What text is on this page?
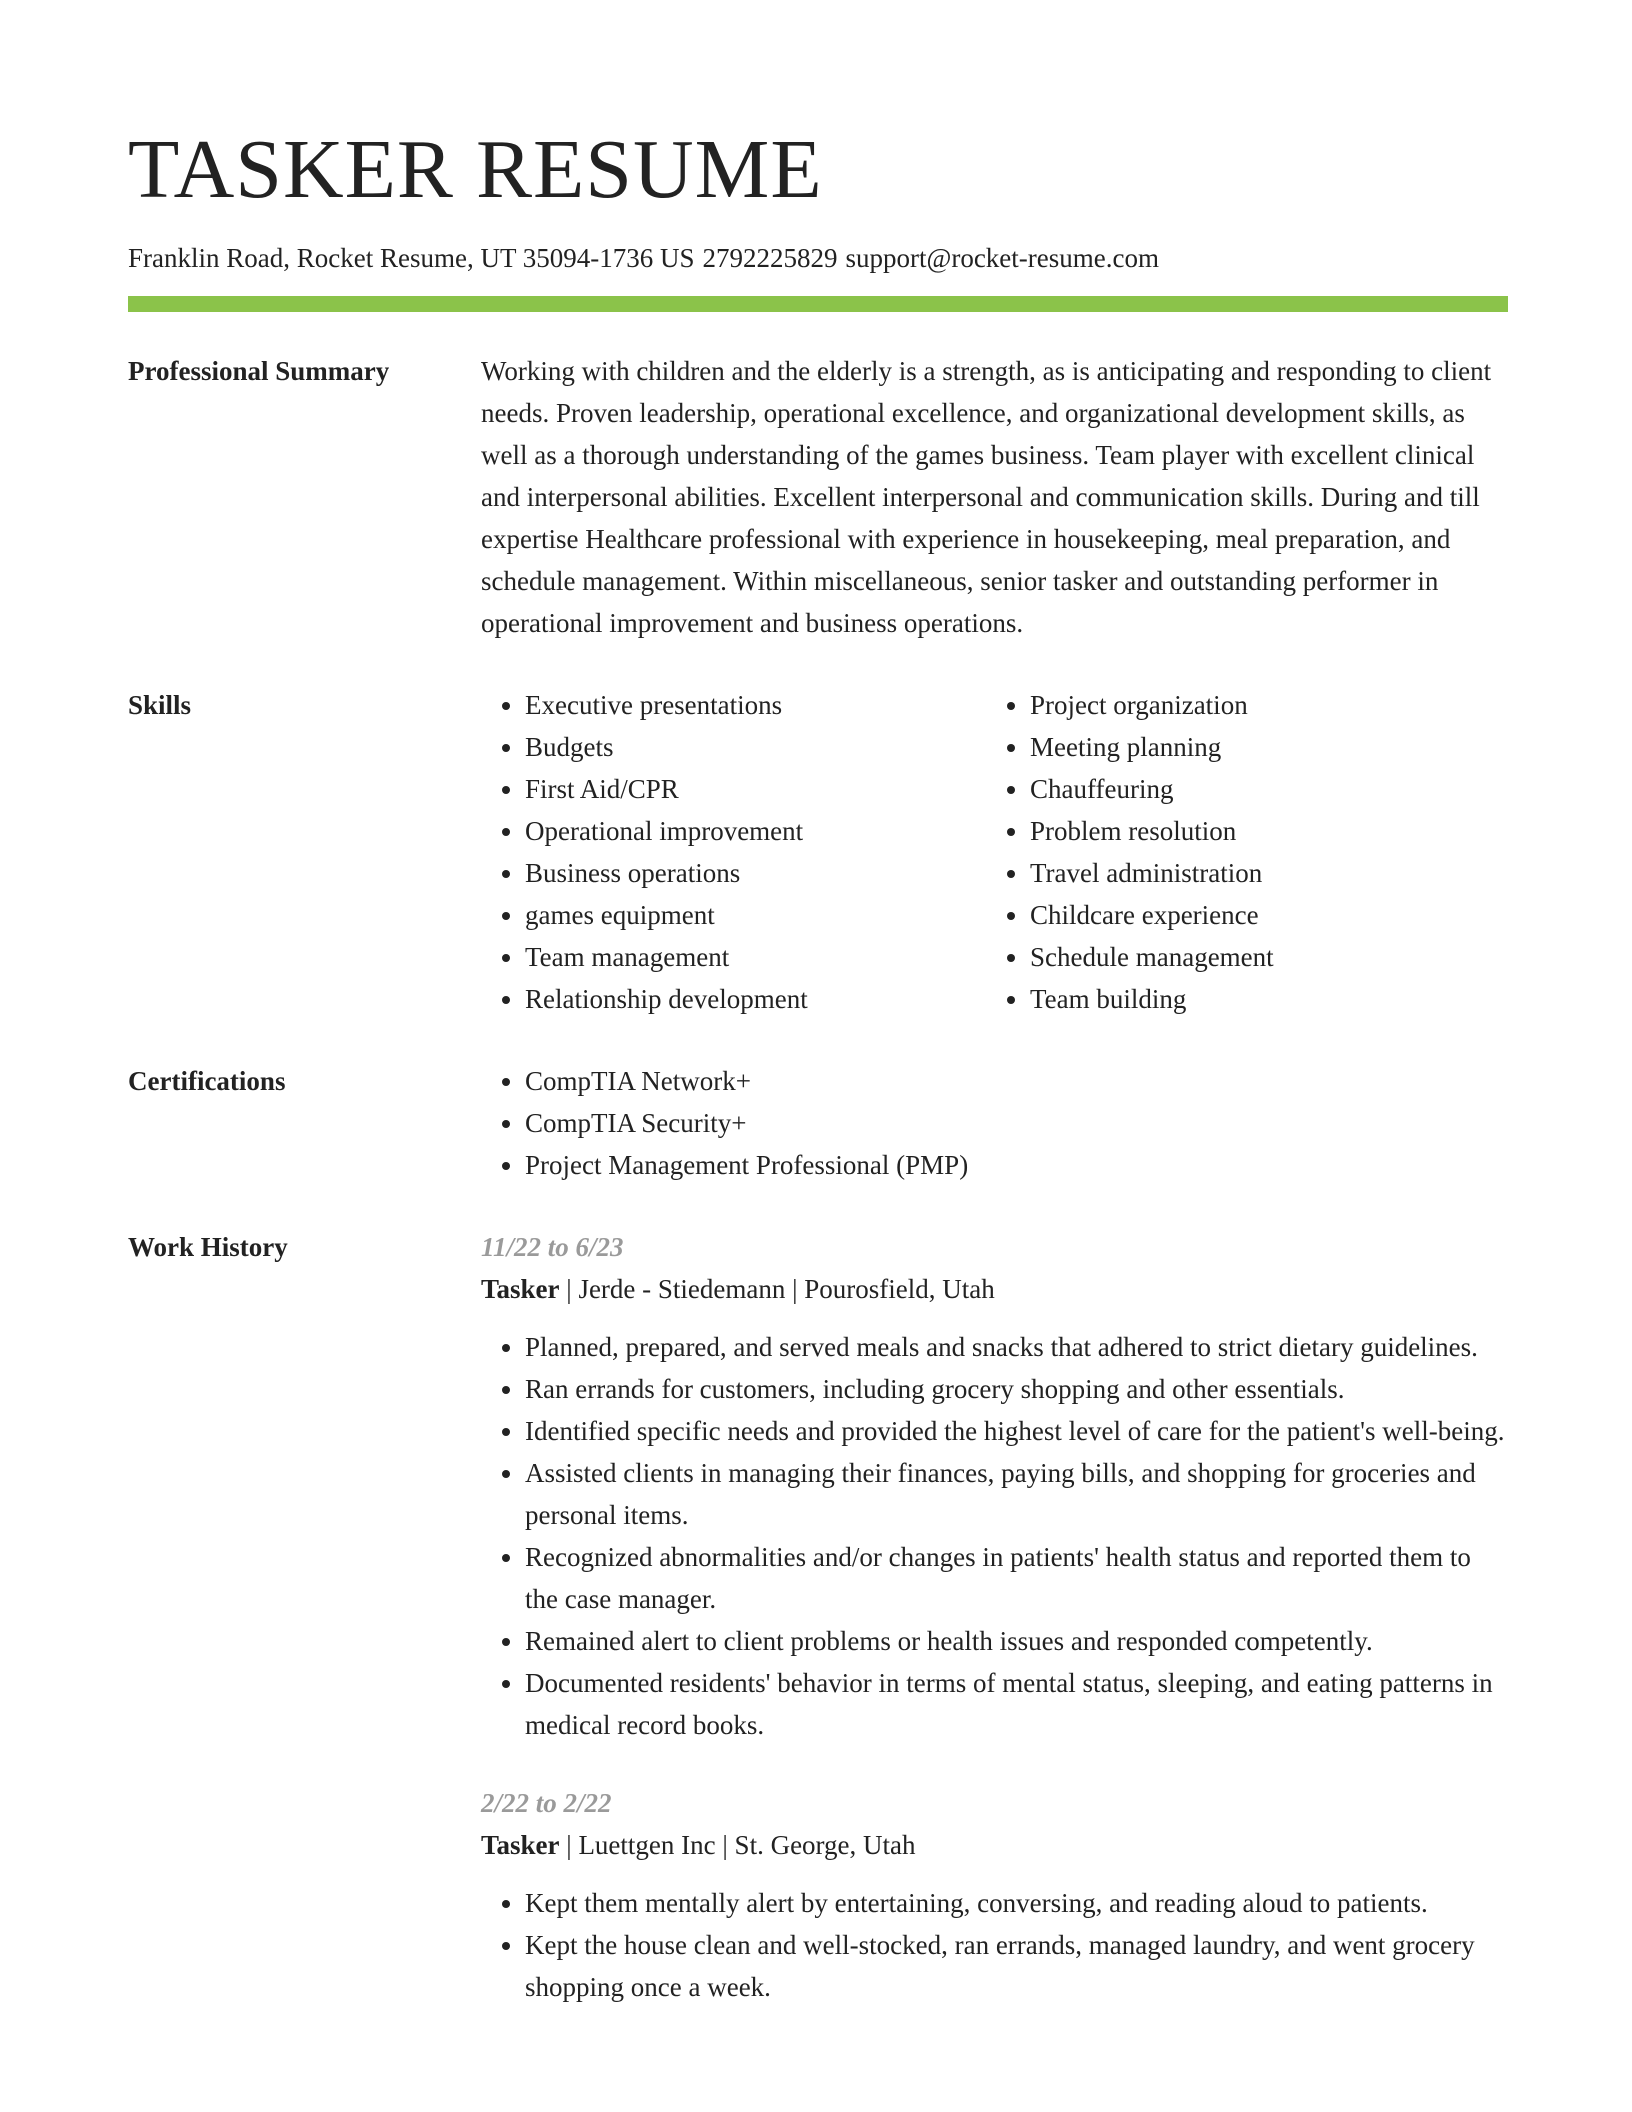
TASKER RESUME
Franklin Road, Rocket Resume, UT 35094-1736 US 2792225829 support@rocket-resume.com
Professional Summary	Working with children and the elderly is a strength, as is anticipating and responding to client needs. Proven leadership, operational excellence, and organizational development skills, as well as a thorough understanding of the games business. Team player with excellent clinical and interpersonal abilities. Excellent interpersonal and communication skills. During and till expertise Healthcare professional with experience in housekeeping, meal preparation, and schedule management. Within miscellaneous, senior tasker and outstanding performer in operational improvement and business operations.

Skills	• Executive presentations
• Budgets
• First Aid/CPR
• Operational improvement
• Business operations
• games equipment
• Team management
• Relationship development
• Project organization
• Meeting planning
• Chauffeuring
• Problem resolution
• Travel administration
• Childcare experience
• Schedule management
• Team building
Certifications	• CompTIA Network+
• CompTIA Security+
• Project Management Professional (PMP)
Work History	11/22 to 6/23
Tasker | Jerde - Stiedemann | Pourosfield, Utah
• Planned, prepared, and served meals and snacks that adhered to strict dietary guidelines.
• Ran errands for customers, including grocery shopping and other essentials.
• Identified specific needs and provided the highest level of care for the patient's well-being.
• Assisted clients in managing their finances, paying bills, and shopping for groceries and personal items.
• Recognized abnormalities and/or changes in patients' health status and reported them to the case manager.
• Remained alert to client problems or health issues and responded competently.
• Documented residents' behavior in terms of mental status, sleeping, and eating patterns in medical record books.
2/22 to 2/22
Tasker | Luettgen Inc | St. George, Utah
• Kept them mentally alert by entertaining, conversing, and reading aloud to patients.
• Kept the house clean and well-stocked, ran errands, managed laundry, and went grocery shopping once a week.
